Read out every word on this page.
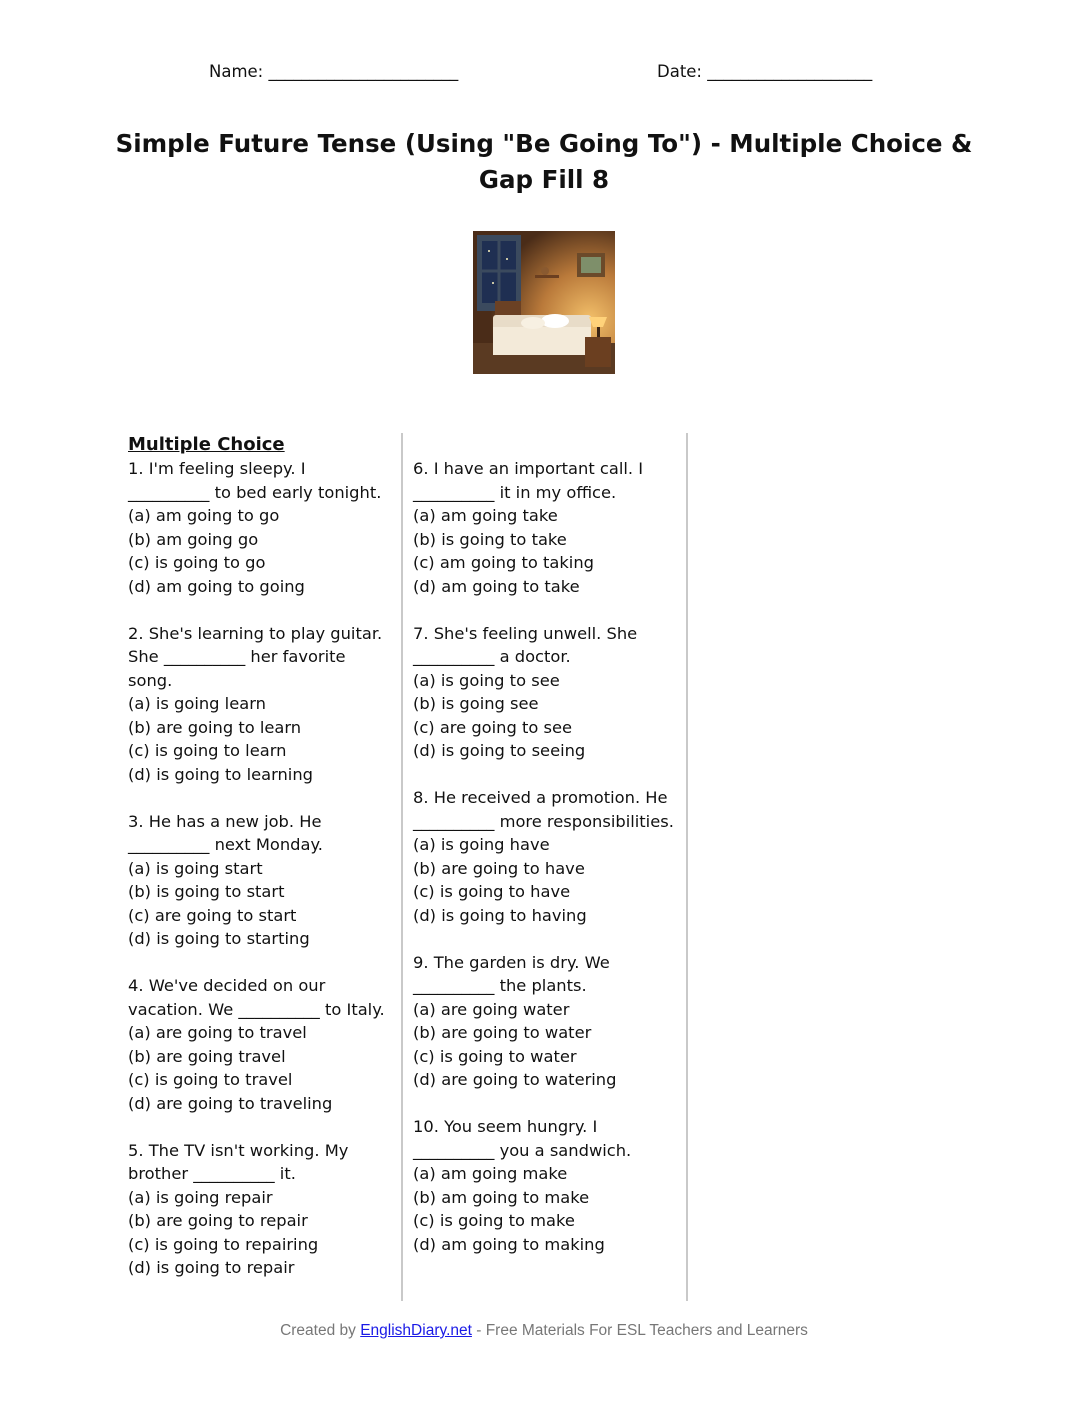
Name: _______________________	Date: ____________________
Simple Future Tense (Using "Be Going To") - Multiple Choice & Gap Fill 8
Multiple Choice

1. I'm feeling sleepy. I __________ to bed early tonight.

(a) am going to go

(b) am going go

(c) is going to go

(d) am going to going

2. She's learning to play guitar. She __________ her favorite song.

(a) is going learn

(b) are going to learn

(c) is going to learn

(d) is going to learning

3. He has a new job. He __________ next Monday.

(a) is going start

(b) is going to start

(c) are going to start

(d) is going to starting

4. We've decided on our vacation. We __________ to Italy.

(a) are going to travel

(b) are going travel

(c) is going to travel

(d) are going to traveling

5. The TV isn't working. My brother __________ it.

(a) is going repair

(b) are going to repair

(c) is going to repairing

(d) is going to repair

6. I have an important call. I __________ it in my office.

(a) am going take

(b) is going to take

(c) am going to taking

(d) am going to take

7. She's feeling unwell. She __________ a doctor.

(a) is going to see

(b) is going see

(c) are going to see

(d) is going to seeing

8. He received a promotion. He __________ more responsibilities.

(a) is going have

(b) are going to have

(c) is going to have

(d) is going to having

9. The garden is dry. We __________ the plants.

(a) are going water

(b) are going to water

(c) is going to water

(d) are going to watering

10. You seem hungry. I __________ you a sandwich.

(a) am going make

(b) am going to make

(c) is going to make

(d) am going to making

Created by EnglishDiary.net - Free Materials For ESL Teachers and Learners
